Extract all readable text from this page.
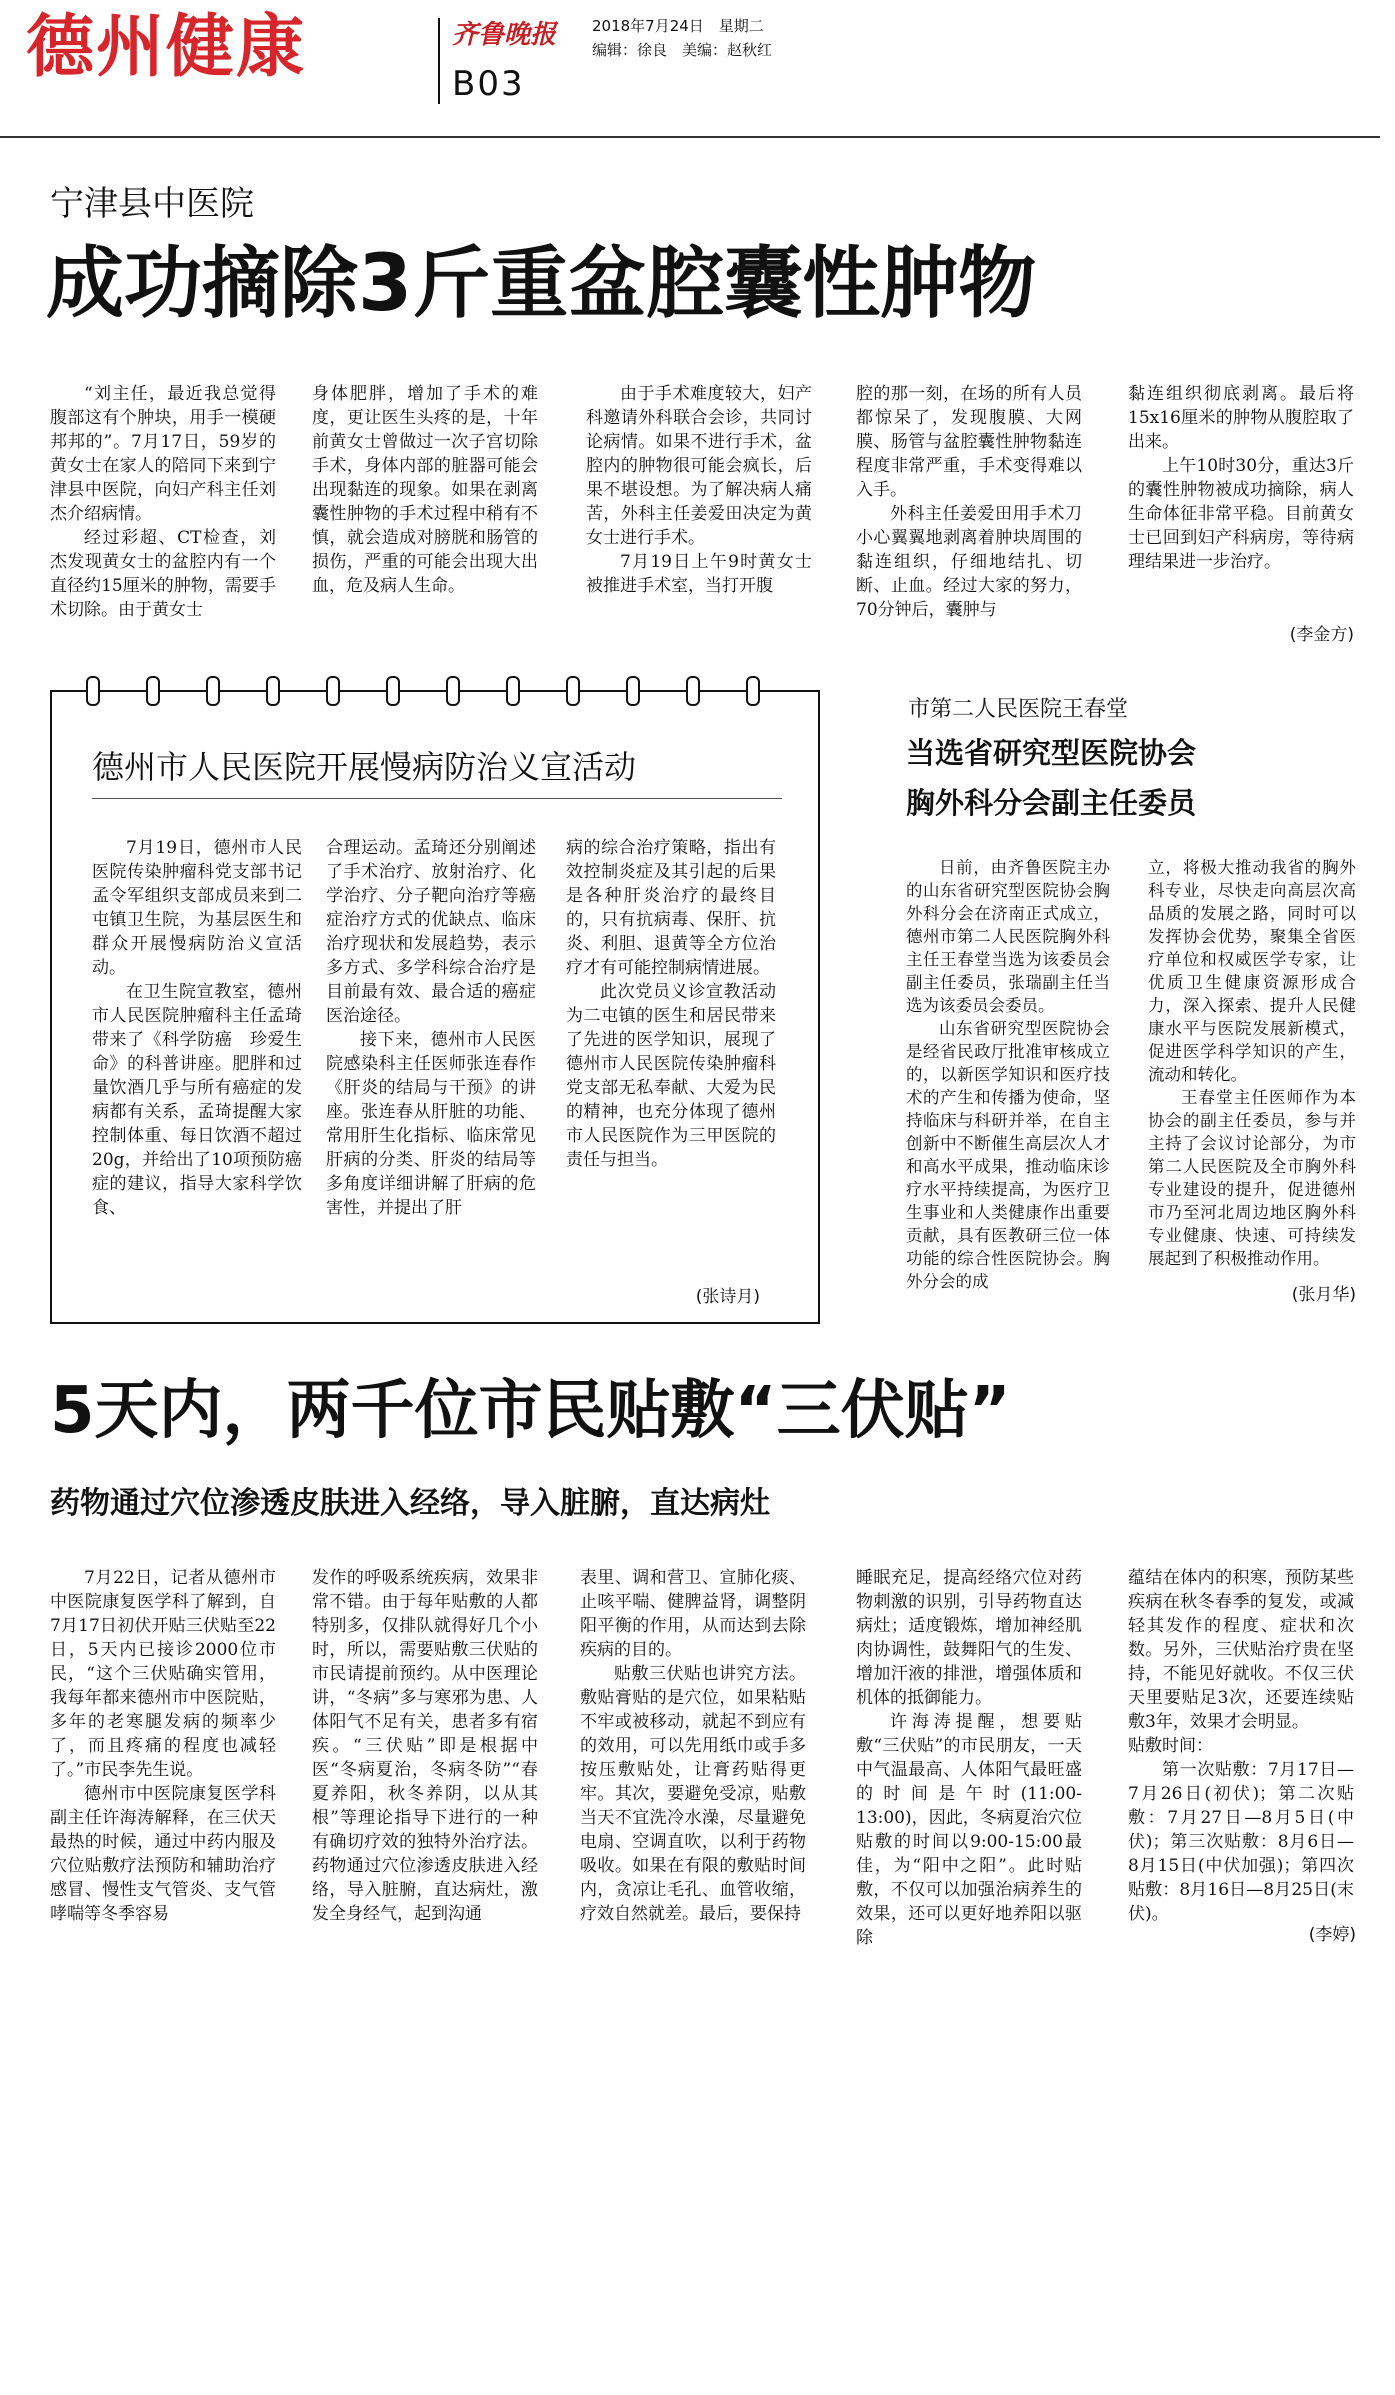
德州健康	齐鲁晚报
B03
2018年7月24日　星期二
编辑：徐良　美编：赵秋红
宁津县中医院
成功摘除3斤重盆腔囊性肿物

“刘主任，最近我总觉得腹部这有个肿块，用手一模硬邦邦的”。7月17日，59岁的黄女士在家人的陪同下来到宁津县中医院，向妇产科主任刘杰介绍病情。

经过彩超、CT检查，刘杰发现黄女士的盆腔内有一个直径约15厘米的肿物，需要手术切除。由于黄女士

身体肥胖，增加了手术的难度，更让医生头疼的是，十年前黄女士曾做过一次子宫切除手术，身体内部的脏器可能会出现黏连的现象。如果在剥离囊性肿物的手术过程中稍有不慎，就会造成对膀胱和肠管的损伤，严重的可能会出现大出血，危及病人生命。

由于手术难度较大，妇产科邀请外科联合会诊，共同讨论病情。如果不进行手术，盆腔内的肿物很可能会疯长，后果不堪设想。为了解决病人痛苦，外科主任姜爱田决定为黄女士进行手术。

7月19日上午9时黄女士被推进手术室，当打开腹

腔的那一刻，在场的所有人员都惊呆了，发现腹膜、大网膜、肠管与盆腔囊性肿物黏连程度非常严重，手术变得难以入手。

外科主任姜爱田用手术刀小心翼翼地剥离着肿块周围的黏连组织，仔细地结扎、切断、止血。经过大家的努力，70分钟后，囊肿与

黏连组织彻底剥离。最后将15x16厘米的肿物从腹腔取了出来。

上午10时30分，重达3斤的囊性肿物被成功摘除，病人生命体征非常平稳。目前黄女士已回到妇产科病房，等待病理结果进一步治疗。

(李金方)
德州市人民医院开展慢病防治义宣活动

7月19日，德州市人民医院传染肿瘤科党支部书记孟令军组织支部成员来到二屯镇卫生院，为基层医生和群众开展慢病防治义宣活动。

在卫生院宣教室，德州市人民医院肿瘤科主任孟琦带来了《科学防癌　珍爱生命》的科普讲座。肥胖和过量饮酒几乎与所有癌症的发病都有关系，孟琦提醒大家控制体重、每日饮酒不超过20g，并给出了10项预防癌症的建议，指导大家科学饮食、

合理运动。孟琦还分别阐述了手术治疗、放射治疗、化学治疗、分子靶向治疗等癌症治疗方式的优缺点、临床治疗现状和发展趋势，表示多方式、多学科综合治疗是目前最有效、最合适的癌症医治途径。

接下来，德州市人民医院感染科主任医师张连春作《肝炎的结局与干预》的讲座。张连春从肝脏的功能、常用肝生化指标、临床常见肝病的分类、肝炎的结局等多角度详细讲解了肝病的危害性，并提出了肝

病的综合治疗策略，指出有效控制炎症及其引起的后果是各种肝炎治疗的最终目的，只有抗病毒、保肝、抗炎、利胆、退黄等全方位治疗才有可能控制病情进展。

此次党员义诊宣教活动为二屯镇的医生和居民带来了先进的医学知识，展现了德州市人民医院传染肿瘤科党支部无私奉献、大爱为民的精神，也充分体现了德州市人民医院作为三甲医院的责任与担当。

(张诗月)
市第二人民医院王春堂
当选省研究型医院协会
胸外科分会副主任委员

日前，由齐鲁医院主办的山东省研究型医院协会胸外科分会在济南正式成立，德州市第二人民医院胸外科主任王春堂当选为该委员会副主任委员，张瑞副主任当选为该委员会委员。

山东省研究型医院协会是经省民政厅批准审核成立的，以新医学知识和医疗技术的产生和传播为使命，坚持临床与科研并举，在自主创新中不断催生高层次人才和高水平成果，推动临床诊疗水平持续提高，为医疗卫生事业和人类健康作出重要贡献，具有医教研三位一体功能的综合性医院协会。胸外分会的成

立，将极大推动我省的胸外科专业，尽快走向高层次高品质的发展之路，同时可以发挥协会优势，聚集全省医疗单位和权威医学专家，让优质卫生健康资源形成合力，深入探索、提升人民健康水平与医院发展新模式，促进医学科学知识的产生，流动和转化。

王春堂主任医师作为本协会的副主任委员，参与并主持了会议讨论部分，为市第二人民医院及全市胸外科专业建设的提升，促进德州市乃至河北周边地区胸外科专业健康、快速、可持续发展起到了积极推动作用。

(张月华)
5天内，两千位市民贴敷“三伏贴”
药物通过穴位渗透皮肤进入经络，导入脏腑，直达病灶

7月22日，记者从德州市中医院康复医学科了解到，自7月17日初伏开贴三伏贴至22日，5天内已接诊2000位市民，“这个三伏贴确实管用，我每年都来德州市中医院贴，多年的老寒腿发病的频率少了，而且疼痛的程度也减轻了。”市民李先生说。

德州市中医院康复医学科副主任许海涛解释，在三伏天最热的时候，通过中药内服及穴位贴敷疗法预防和辅助治疗感冒、慢性支气管炎、支气管哮喘等冬季容易

发作的呼吸系统疾病，效果非常不错。由于每年贴敷的人都特别多，仅排队就得好几个小时，所以，需要贴敷三伏贴的市民请提前预约。从中医理论讲，“冬病”多与寒邪为患、人体阳气不足有关，患者多有宿疾。“三伏贴”即是根据中医“冬病夏治，冬病冬防”“春夏养阳，秋冬养阴，以从其根”等理论指导下进行的一种有确切疗效的独特外治疗法。药物通过穴位渗透皮肤进入经络，导入脏腑，直达病灶，激发全身经气，起到沟通

表里、调和营卫、宣肺化痰、止咳平喘、健脾益肾，调整阴阳平衡的作用，从而达到去除疾病的目的。

贴敷三伏贴也讲究方法。敷贴膏贴的是穴位，如果粘贴不牢或被移动，就起不到应有的效用，可以先用纸巾或手多按压敷贴处，让膏药贴得更牢。其次，要避免受凉，贴敷当天不宜洗冷水澡，尽量避免电扇、空调直吹，以利于药物吸收。如果在有限的敷贴时间内，贪凉让毛孔、血管收缩，疗效自然就差。最后，要保持

睡眠充足，提高经络穴位对药物刺激的识别，引导药物直达病灶；适度锻炼，增加神经肌肉协调性，鼓舞阳气的生发、增加汗液的排泄，增强体质和机体的抵御能力。

许海涛提醒，想要贴敷“三伏贴”的市民朋友，一天中气温最高、人体阳气最旺盛的时间是午时(11:00-13:00)，因此，冬病夏治穴位贴敷的时间以9:00-15:00最佳，为“阳中之阳”。此时贴敷，不仅可以加强治病养生的效果，还可以更好地养阳以驱除

蕴结在体内的积寒，预防某些疾病在秋冬春季的复发，或减轻其发作的程度、症状和次数。另外，三伏贴治疗贵在坚持，不能见好就收。不仅三伏天里要贴足3次，还要连续贴敷3年，效果才会明显。

贴敷时间：

第一次贴敷：7月17日—7月26日(初伏)；第二次贴敷：7月27日—8月5日(中伏)；第三次贴敷：8月6日—8月15日(中伏加强)；第四次贴敷：8月16日—8月25日(末伏)。

(李婷)
